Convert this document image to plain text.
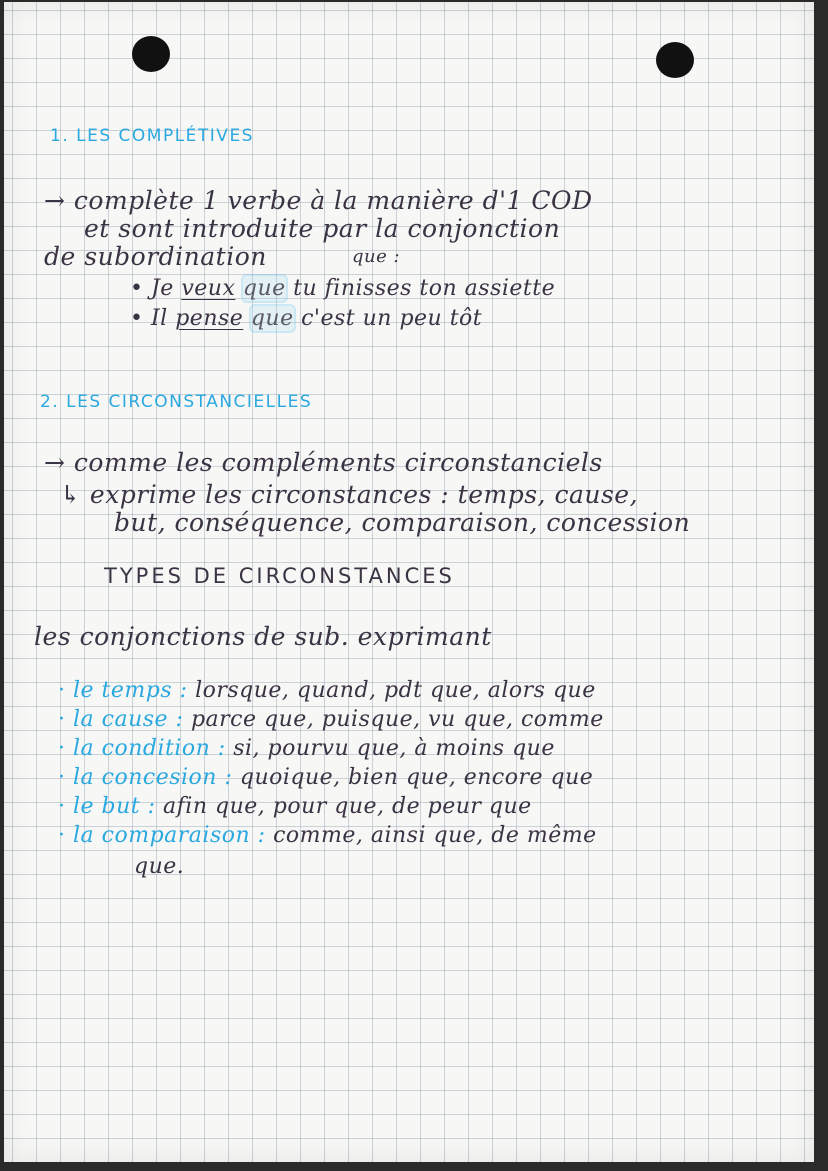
1. LES COMPLÉTIVES
→ complète 1 verbe à la manière d'1 COD
et sont introduite par la conjonction
de subordination	que :
• Je veux que tu finisses ton assiette
• Il pense que c'est un peu tôt
2. LES CIRCONSTANCIELLES
→ comme les compléments circonstanciels
↳ exprime les circonstances : temps, cause,
but, conséquence, comparaison, concession
TYPES DE CIRCONSTANCES
les conjonctions de sub. exprimant
· le temps : lorsque, quand, pdt que, alors que
· la cause : parce que, puisque, vu que, comme
· la condition : si, pourvu que, à moins que
· la concesion : quoique, bien que, encore que
· le but : afin que, pour que, de peur que
· la comparaison : comme, ainsi que, de même
que.
